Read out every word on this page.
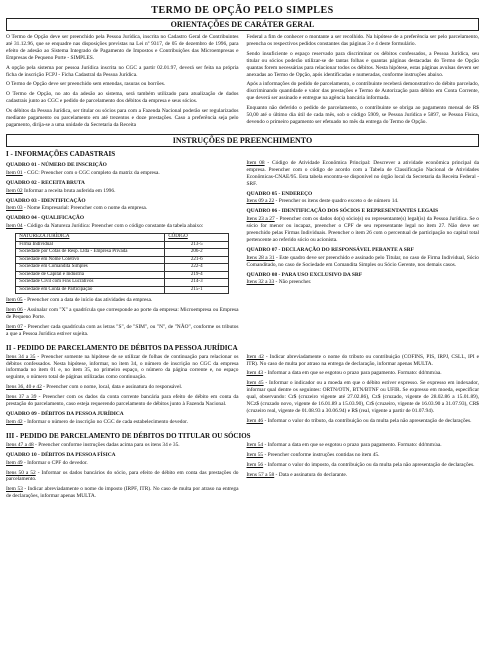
TERMO DE OPÇÃO PELO SIMPLES
ORIENTAÇÕES DE CARÁTER GERAL

O Termo de Opção deve ser preenchido pela Pessoa Jurídica, inscrita no Cadastro Geral de Contribuintes até 31.12.96, que se enquadre nas disposições previstas na Lei nº 9317, de 05 de dezembro de 1996, para efeito de adesão ao Sistema Integrado de Pagamento de Impostos e Contribuições das Microempresas e Empresas de Pequeno Porte - SIMPLES.

A opção pela sistema por pessoa Jurídica inscrita no CGC a partir 02.01.97, deverá ser feita na própria ficha de inscrição FCPJ - Ficha Cadastral da Pessoa Jurídica.

O Termo de Opção deve ser preenchido sem emendas, rasuras ou borrões.

O Termo de Opção, no ato da adesão ao sistema, será também utilizado para atualização de dados cadastrais junto ao CGC e pedido de parcelamento dos débitos da empresa e seus sócios.

Os débitos da Pessoa Jurídica, ser titular ou sócios para com a Fazenda Nacional poderão ser regularizados mediante pagamento ou parcelamento em até trezentos e doze prestações. Caso a preferência seja pelo pagamento, dirija-se a uma unidade da Secretaria da Receita

Federal a fim de conhecer o montante a ser recolhido. Na hipótese de a preferência ser pelo parcelamento, preencha os respectivos pedidos constantes das páginas 3 e 4 deste formulário.

Sendo insuficiente o espaço reservado para discriminar os débitos confessados, a Pessoa Jurídica, seu titular ou sócios poderão utilizar-se de tantas folhas e quantas páginas destacadas do Termo de Opção quantas forem necessárias para relacionar todos os débitos. Nesta hipótese, estas páginas avulsas devem ser anexadas ao Termo de Opção, após identificadas e numeradas, conforme instruções abaixo.

Após a informações do pedido de parcelamento, o contribuinte receberá demonstrativo do débito parcelado, discriminando quantidade e valor das prestações e Termo de Autorização para débito em Conta Corrente, que deverá ser assinado e entregue na agência bancária informada.

Enquanto não deferido o pedido de parcelamento, o contribuinte se obriga ao pagamento mensal de R$ 50,00 até o último dia útil de cada mês, sob o código 5909, se Pessoa Jurídica e 5897, se Pessoa Física, devendo o primeiro pagamento ser efetuado no mês da entrega do Termo de Opção.

INSTRUÇÕES DE PREENCHIMENTO
I - INFORMAÇÕES CADASTRAIS
QUADRO 01 - NÚMERO DE INSCRIÇÃO

Item 01 - CGC: Preencher com o CGC completo da matriz da empresa.

QUADRO 02 - RECEITA BRUTA

Item 02 Informar a receita bruta auferida em 1996.

QUADRO 03 - IDENTIFICAÇÃO

Item 03 - Nome Empresarial: Preencher com o nome da empresa.

QUADRO 04 - QUALIFICAÇÃO

Item 04 - Código da Natureza Jurídica: Preencher com o código constante da tabela abaixo:

NATUREZA JURÍDICA	CÓDIGO
Firma Individual	213-5
Sociedade por Cotas de Resp. Ltda - Empresa Privada	206-2
Sociedade em Nome Coletivo	221-6
Sociedade em Comandita Simples	222-4
Sociedade de Capital e Indústria	219-4
Sociedade Civil com Fins Lucrativos	214-3
Sociedade em Conta de Participação	215-1

Item 05 - Preencher com a data de início das atividades da empresa.

Item 06 - Assinalar com "X" a quadrícula que corresponde ao porte da empresa: Microempresa ou Empresa de Pequeno Porte.

Item 07 - Preencher cada quadrícula com as letras "S", de "SIM", ou "N", de "NÃO", conforme os tributos a que a Pessoa Jurídica estiver sujeita.

Item 08 - Código de Atividade Econômica Principal: Descrever a atividade econômica principal da empresa. Preencher com o código de acordo com a Tabela de Classificação Nacional de Atividades Econômicas-CNAE/95. Esta tabela encontra-se disponível no órgão local da Secretaria da Receita Federal - SRF.

QUADRO 05 - ENDEREÇO

Itens 09 a 22 - Preencher os itens deste quadro exceto o de número 14.

QUADRO 06 - IDENTIFICAÇÃO DOS SÓCIOS E REPRESENTANTES LEGAIS

Itens 23 a 27 - Preencher com os dados do(s) sócio(s) ou representante(s) legal(is) da Pessoa Jurídica. Se o sócio for menor ou incapaz, preencher o CPF de seu representante legal no item 27. Não deve ser preenchido pelas Firmas Individuais. Preencher o item 26 com o percentual de participação no capital total pertencente ao referido sócio ou acionista.

QUADRO 07 - DECLARAÇÃO DO RESPONSÁVEL PERANTE A SRF

Itens 28 a 31 - Este quadro deve ser preenchido e assinado pelo Titular, no caso de Firma Individual, Sócio Comanditado, no caso de Sociedade em Comandita Simples ou Sócio Gerente, nos demais casos.

QUADRO 08 - PARA USO EXCLUSIVO DA SRF

Itens 32 a 33 - Não preencher.

II - PEDIDO DE PARCELAMENTO DE DÉBITOS DA PESSOA JURÍDICA

Itens 34 a 35 - Preencher somente na hipótese de se utilizar de folhas de continuação para relacionar os débitos confessados. Nesta hipótese, informar, no item 34, o número de inscrição no CGC da empresa informada no item 01 e, no item 35, no primeiro espaço, o número da página corrente e, no espaço seguinte, o número total de páginas utilizadas como continuação.

Itens 36, 40 e 42 - Preencher com o nome, local, data e assinatura do responsável.

Itens 37 a 39 - Preencher com os dados da conta corrente bancária para efeito de débito em conta da prestação do parcelamento, caso esteja requerendo parcelamento de débitos junto à Fazenda Nacional.

QUADRO 09 - DÉBITOS DA PESSOA JURÍDICA

Item 42 - Informar o número de inscrição no CGC de cada estabelecimento devedor.

Item 42 - Indicar abreviadamente o nome do tributo ou contribuição (COFINS, PIS, IRPJ, CSLL, IPI e ITR). No caso de multa por atraso na entrega de declaração, informar apenas MULTA.

Item 43 - Informar a data em que se esgotou o prazo para pagamento. Formato: dd/mm/aa.

Item 45 - Informar o indicador ou a moeda em que o débito estiver expresso. Se expresso em indexador, informar qual dentre os seguintes: ORTN/OTN, BTN/BTNF ou UFIR. Se expresso em moeda, especificar qual, observando: Cr$ (cruzeiro vigente até 27.02.86), Cz$ (cruzado, vigente de 28.02.86 a 15.01.89), NCz$ (cruzado novo, vigente de 16.01.89 a 15.03.90), Cr$ (cruzeiro, vigente de 16.03.90 a 31.07.93), CR$ (cruzeiro real, vigente de 01.08.93 a 30.06.94) e R$ (real, vigente a partir de 01.07.94).

Item 46 - Informar o valor do tributo, da contribuição ou da multa pela não apresentação de declarações.

III - PEDIDO DE PARCELAMENTO DE DÉBITOS DO TITULAR OU SÓCIOS

Itens 47 a 48 - Preencher conforme instruções dadas acima para os itens 34 e 35.

QUADRO 10 - DÉBITOS DA PESSOA FÍSICA

Item 49 - Informar o CPF do devedor.

Itens 50 a 52 - Informar os dados bancários do sócio, para efeito de débito em conta das prestações do parcelamento.

Item 53 - Indicar abreviadamente o nome do imposto (IRPF, ITR). No caso de multa por atraso na entrega de declarações, informar apenas MULTA.

Item 54 - Informar a data em que se esgotou o prazo para pagamento. Formato: dd/mm/aa.

Item 55 - Preencher conforme instruções contidas no item 45.

Item 56 - Informar o valor do imposto, da contribuição ou da multa pela não apresentação de declarações.

Itens 57 a 58 - Data e assinatura do declarante.
